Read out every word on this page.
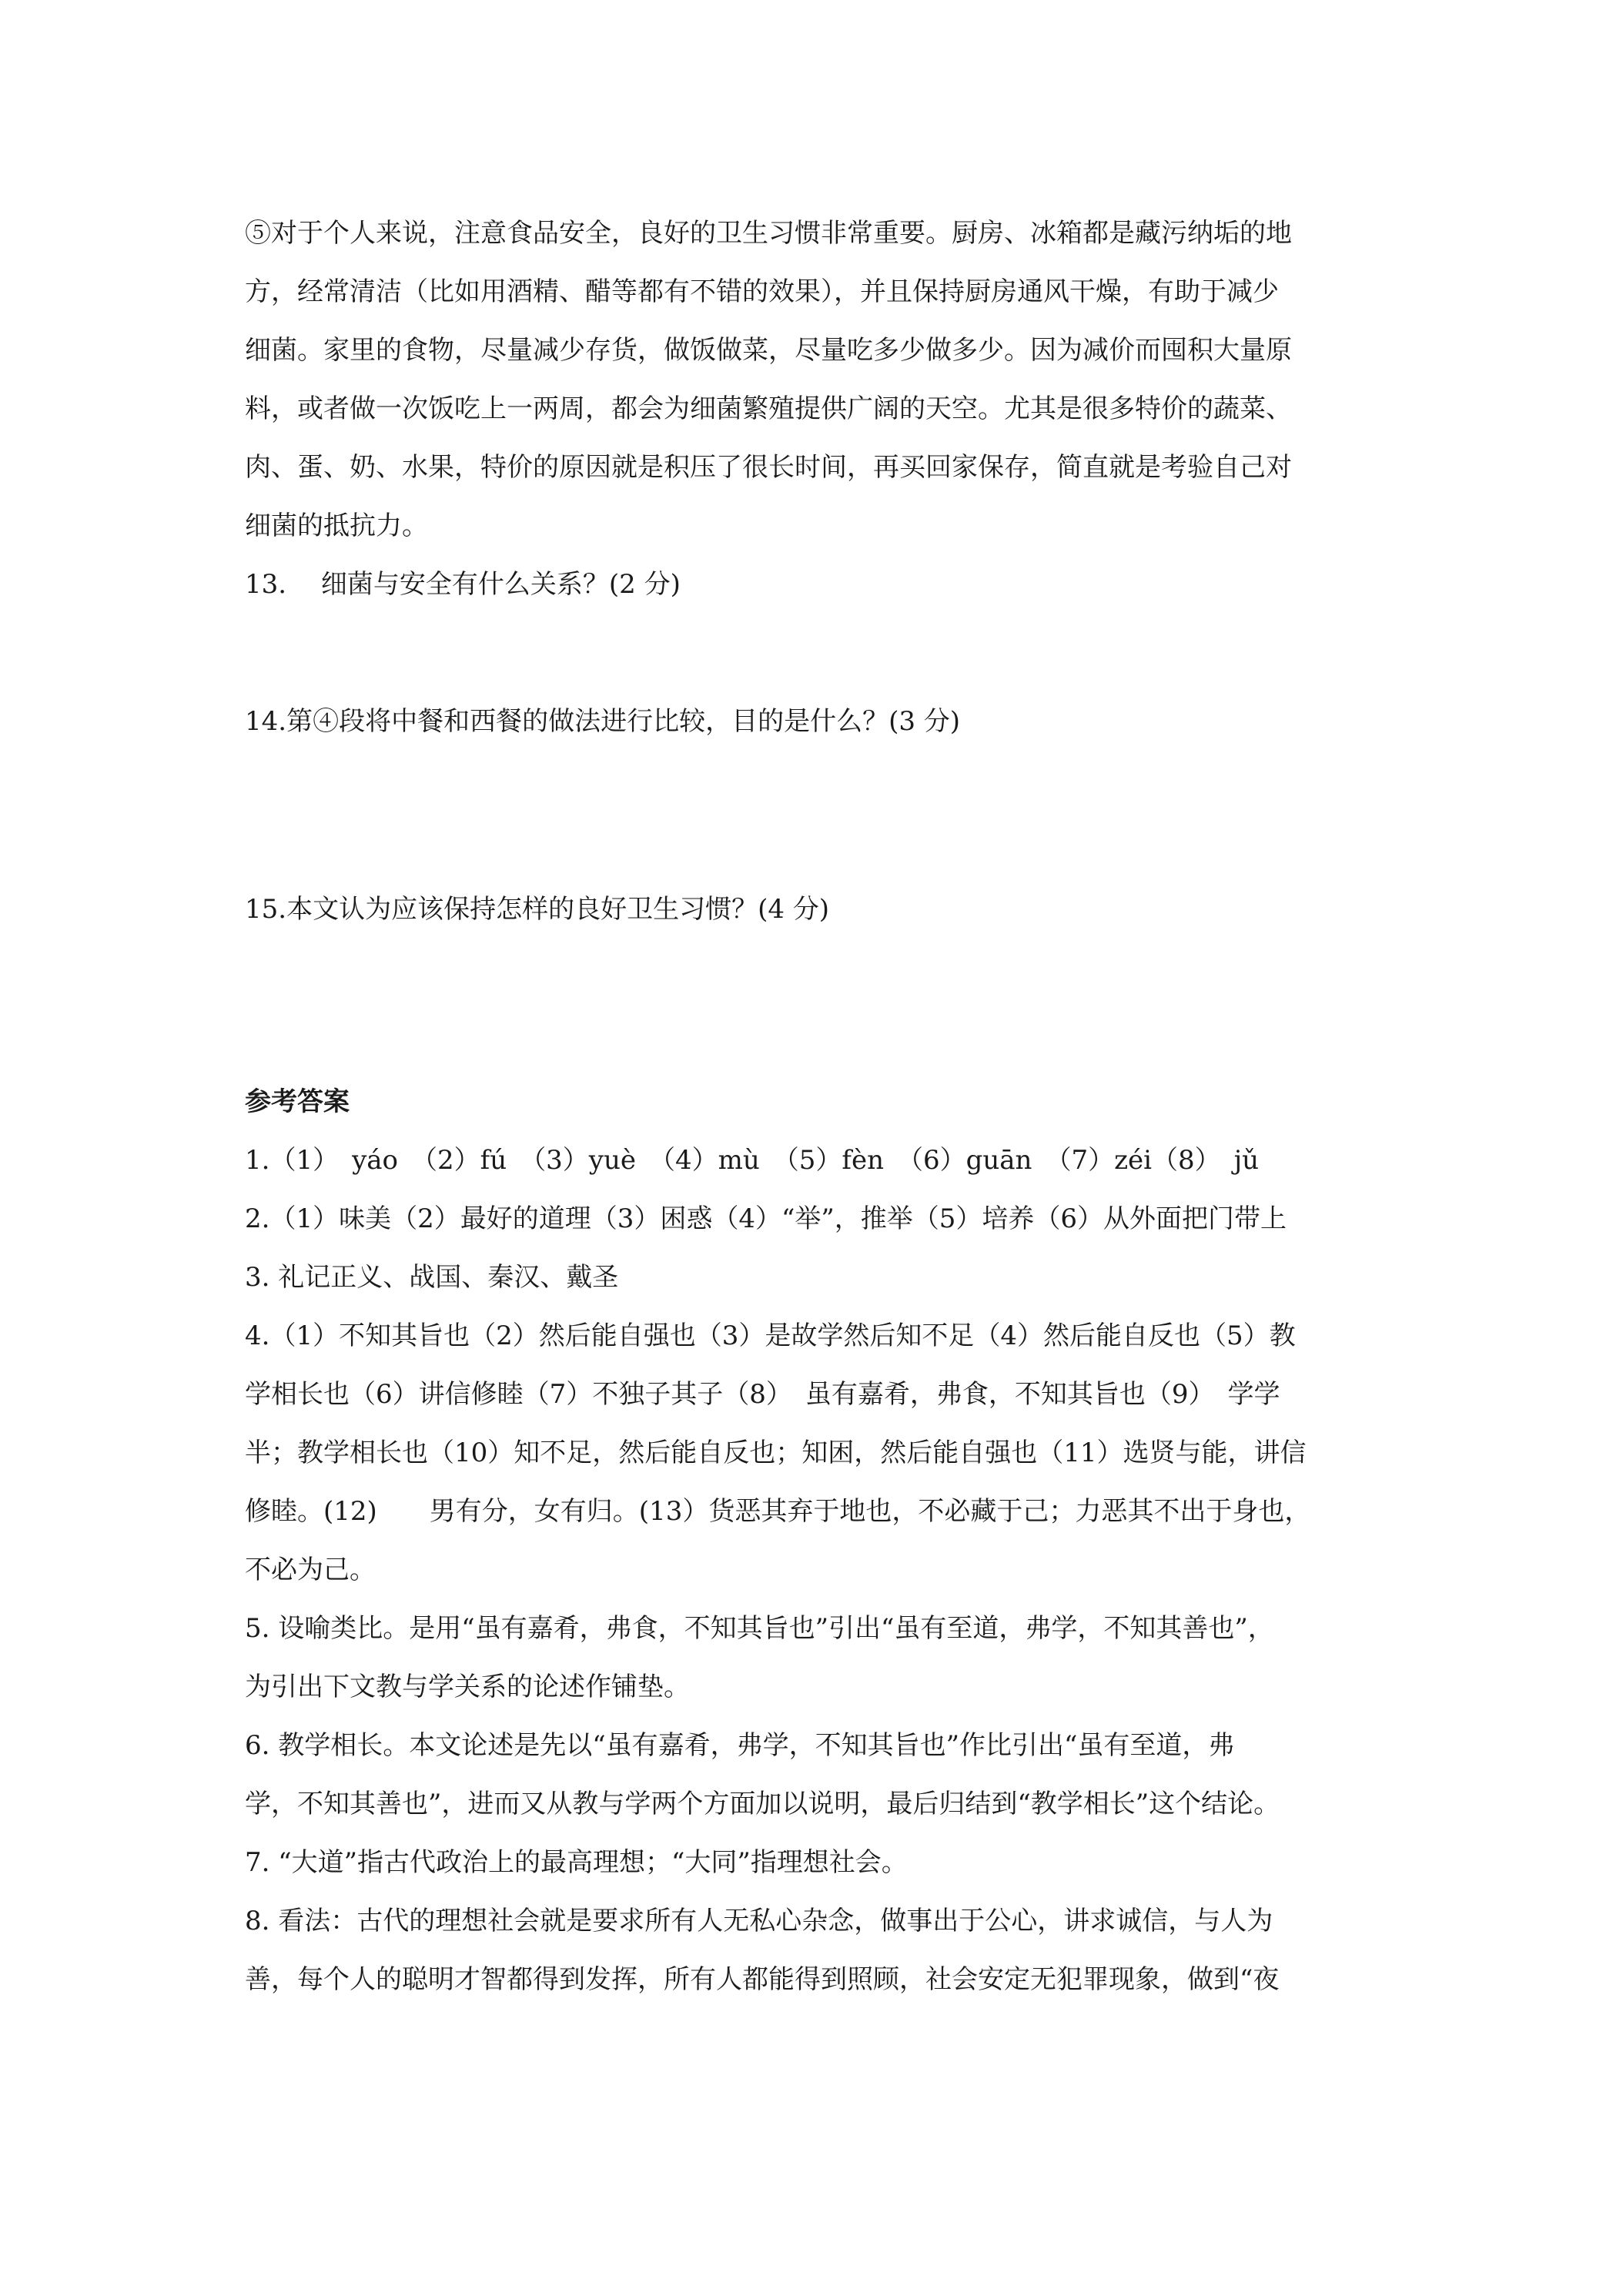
⑤对于个人来说，注意食品安全，良好的卫生习惯非常重要。厨房、冰箱都是藏污纳垢的地
方，经常清洁（比如用酒精、醋等都有不错的效果），并且保持厨房通风干燥，有助于减少
细菌。家里的食物，尽量减少存货，做饭做菜，尽量吃多少做多少。因为减价而囤积大量原
料，或者做一次饭吃上一两周，都会为细菌繁殖提供广阔的天空。尤其是很多特价的蔬菜、
肉、蛋、奶、水果，特价的原因就是积压了很长时间，再买回家保存，简直就是考验自己对
细菌的抵抗力。

13.　 细菌与安全有什么关系？(2 分)

14.第④段将中餐和西餐的做法进行比较，目的是什么？(3 分)

15.本文认为应该保持怎样的良好卫生习惯？(4 分)

参考答案

1.（1）　yáo　（2）fú　（3）yuè　（4）mù　（5）fèn　（6）guān　（7）zéi（8）　jǔ

2.（1）味美（2）最好的道理（3）困惑（4）“举”，推举（5）培养（6）从外面把门带上

3. 礼记正义、战国、秦汉、戴圣

4.（1）不知其旨也（2）然后能自强也（3）是故学然后知不足（4）然后能自反也（5）教
学相长也（6）讲信修睦（7）不独子其子（8）　虽有嘉肴，弗食，不知其旨也（9）　学学
半；教学相长也（10）知不足，然后能自反也；知困，然后能自强也（11）选贤与能，讲信
修睦。(12)　　男有分，女有归。(13）货恶其弃于地也，不必藏于己；力恶其不出于身也，
不必为己。
5. 设喻类比。是用“虽有嘉肴，弗食，不知其旨也”引出“虽有至道，弗学，不知其善也”，
为引出下文教与学关系的论述作铺垫。
6. 教学相长。本文论述是先以“虽有嘉肴，弗学，不知其旨也”作比引出“虽有至道，弗
学，不知其善也”，进而又从教与学两个方面加以说明，最后归结到“教学相长”这个结论。

7. “大道”指古代政治上的最高理想；“大同”指理想社会。

8. 看法：古代的理想社会就是要求所有人无私心杂念，做事出于公心，讲求诚信，与人为
善，每个人的聪明才智都得到发挥，所有人都能得到照顾，社会安定无犯罪现象，做到“夜
